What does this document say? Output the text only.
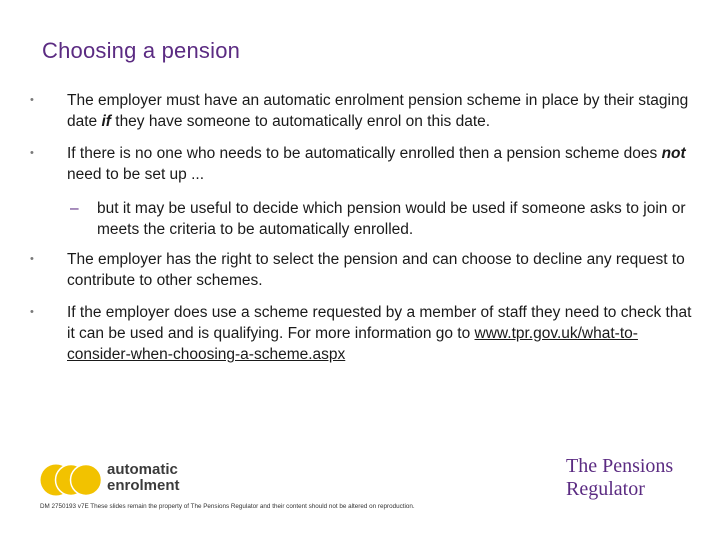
Choosing a pension
• The employer must have an automatic enrolment pension scheme in place by their staging date if they have someone to automatically enrol on this date.
• If there is no one who needs to be automatically enrolled then a pension scheme does not need to be set up ...
– but it may be useful to decide which pension would be used if someone asks to join or meets the criteria to be automatically enrolled.
• The employer has the right to select the pension and can choose to decline any request to contribute to other schemes.
• If the employer does use a scheme requested by a member of staff they need to check that it can be used and is qualifying. For more information go to www.tpr.gov.uk/what-to-consider-when-choosing-a-scheme.aspx
automatic
enrolment
The Pensions
Regulator
DM 2750193 v7E These slides remain the property of The Pensions Regulator and their content should not be altered on reproduction.
